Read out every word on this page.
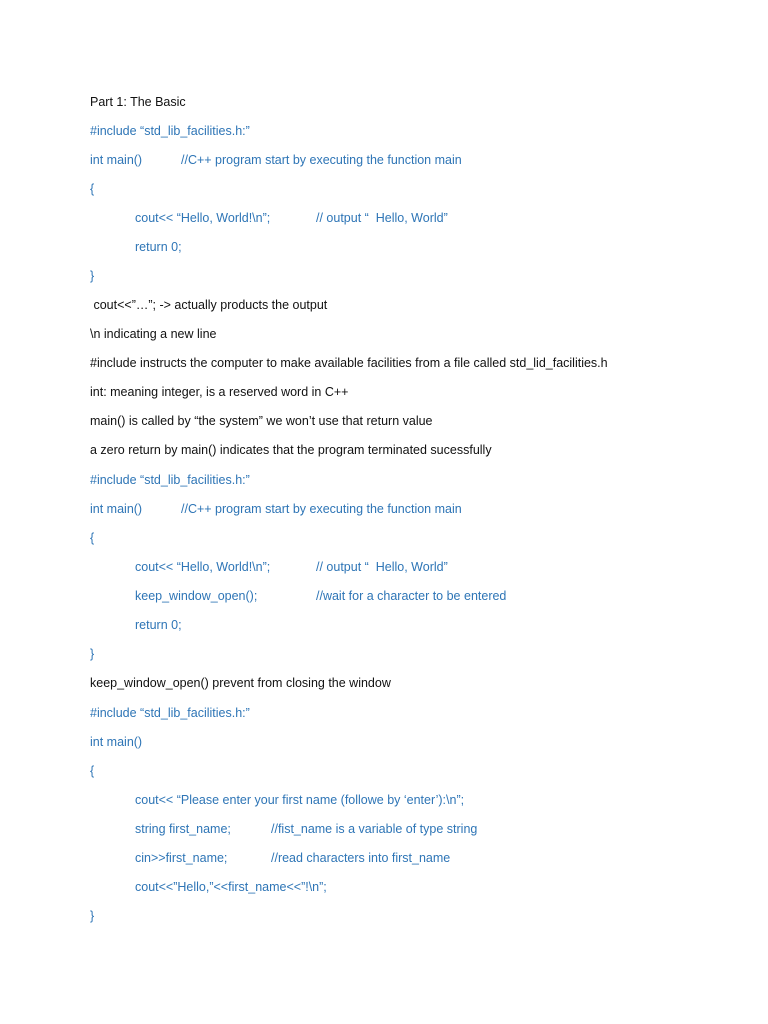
Part 1: The Basic
#include “std_lib_facilities.h:”
int main()	//C++ program start by executing the function main
{
cout<< “Hello, World!\n”;	// output “  Hello, World”
return 0;
}
cout<<”…”; -> actually products the output
\n indicating a new line
#include instructs the computer to make available facilities from a file called std_lid_facilities.h
int: meaning integer, is a reserved word in C++
main() is called by “the system” we won’t use that return value
a zero return by main() indicates that the program terminated sucessfully
#include “std_lib_facilities.h:”
int main()	//C++ program start by executing the function main
{
cout<< “Hello, World!\n”;	// output “  Hello, World”
keep_window_open();	//wait for a character to be entered
return 0;
}
keep_window_open() prevent from closing the window
#include “std_lib_facilities.h:”
int main()
{
cout<< “Please enter your first name (followe by ‘enter’):\n”;
string first_name;	//fist_name is a variable of type string
cin>>first_name;	//read characters into first_name
cout<<”Hello,”<<first_name<<”!\n”;
}
